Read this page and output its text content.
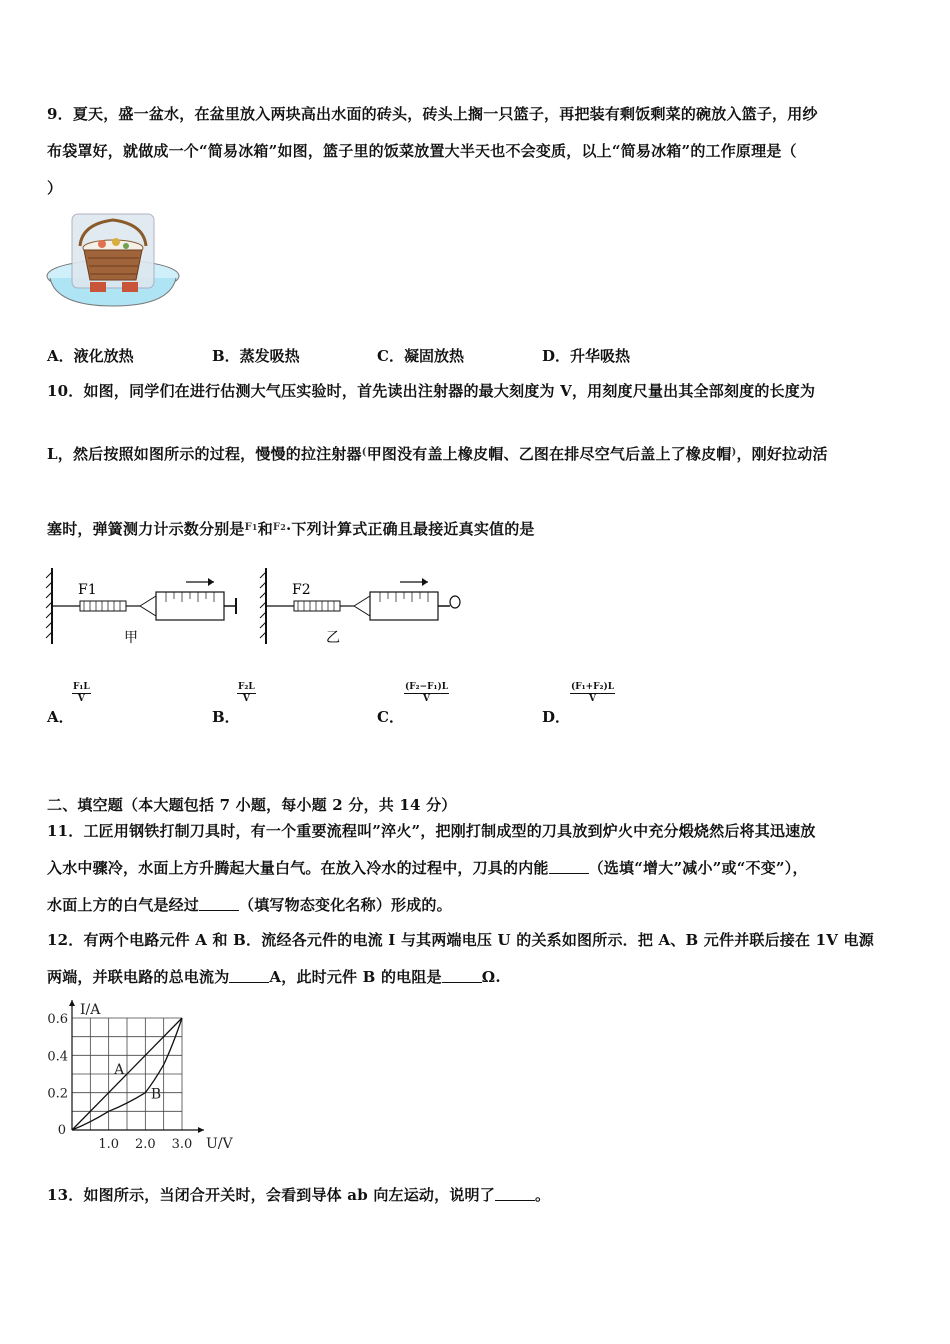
9．夏天，盛一盆水，在盆里放入两块高出水面的砖头，砖头上搁一只篮子，再把装有剩饭剩菜的碗放入篮子，用纱
布袋罩好，就做成一个“简易冰箱”如图，篮子里的饭菜放置大半天也不会变质，以上“简易冰箱”的工作原理是（
）
A．液化放热	B．蒸发吸热	C．凝固放热	D．升华吸热
10．如图，同学们在进行估测大气压实验时，首先读出注射器的最大刻度为 V，用刻度尺量出其全部刻度的长度为
L，然后按照如图所示的过程，慢慢的拉注射器(甲图没有盖上橡皮帽、乙图在排尽空气后盖上了橡皮帽)，刚好拉动活
塞时，弹簧测力计示数分别是$^{F1}$和$^{F2}$·下列计算式正确且最接近真实值的是
F1
甲
F2
乙
A．
$\frac{\text{F₁L}}{V}$
B．
$\frac{\text{F₂L}}{V}$
C．
$\frac{\text{(F₂−F₁)L}}{V}$
D．
$\frac{\text{(F₁+F₂)L}}{V}$
二、填空题（本大题包括 7 小题，每小题 2 分，共 14 分）
11．工匠用钢铁打制刀具时，有一个重要流程叫”淬火”，把刚打制成型的刀具放到炉火中充分煅烧然后将其迅速放
入水中骤冷，水面上方升腾起大量白气。在放入冷水的过程中，刀具的内能	（选填“增大”减小”或“不变”），
水面上方的白气是经过	（填写物态变化名称）形成的。
12．有两个电路元件 A 和 B．流经各元件的电流 I 与其两端电压 U 的关系如图所示．把 A、B 元件并联后接在 1V 电源
两端，并联电路的总电流为	A，此时元件 B 的电阻是	Ω.
A
B
1.0 2.0 3.0
0.2
0.4
0.6
0
U/V
I/A
13．如图所示，当闭合开关时，会看到导体 ab 向左运动，说明了	。
